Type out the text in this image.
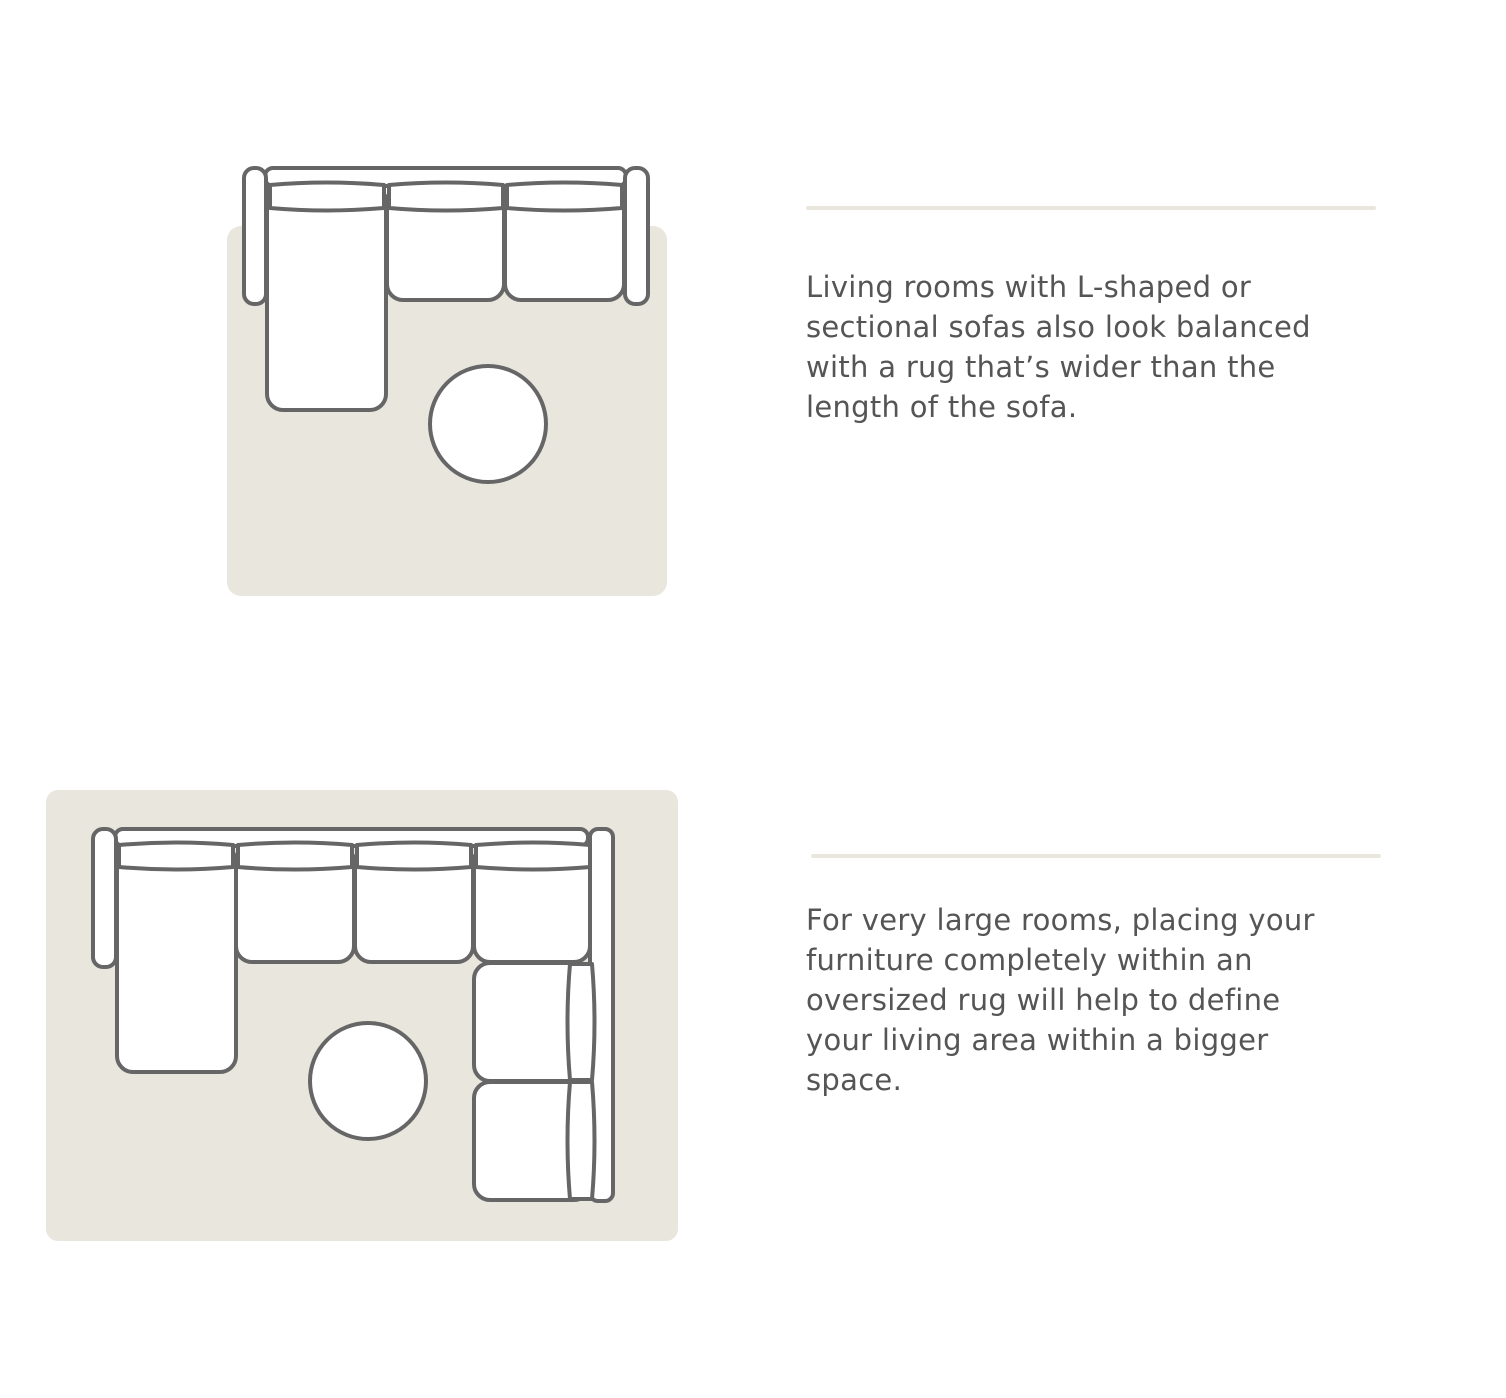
Living rooms with L-shaped or sectional sofas also look balanced with a rug that’s wider than the length of the sofa.

For very large rooms, placing your furniture completely within an oversized rug will help to define your living area within a bigger space.
